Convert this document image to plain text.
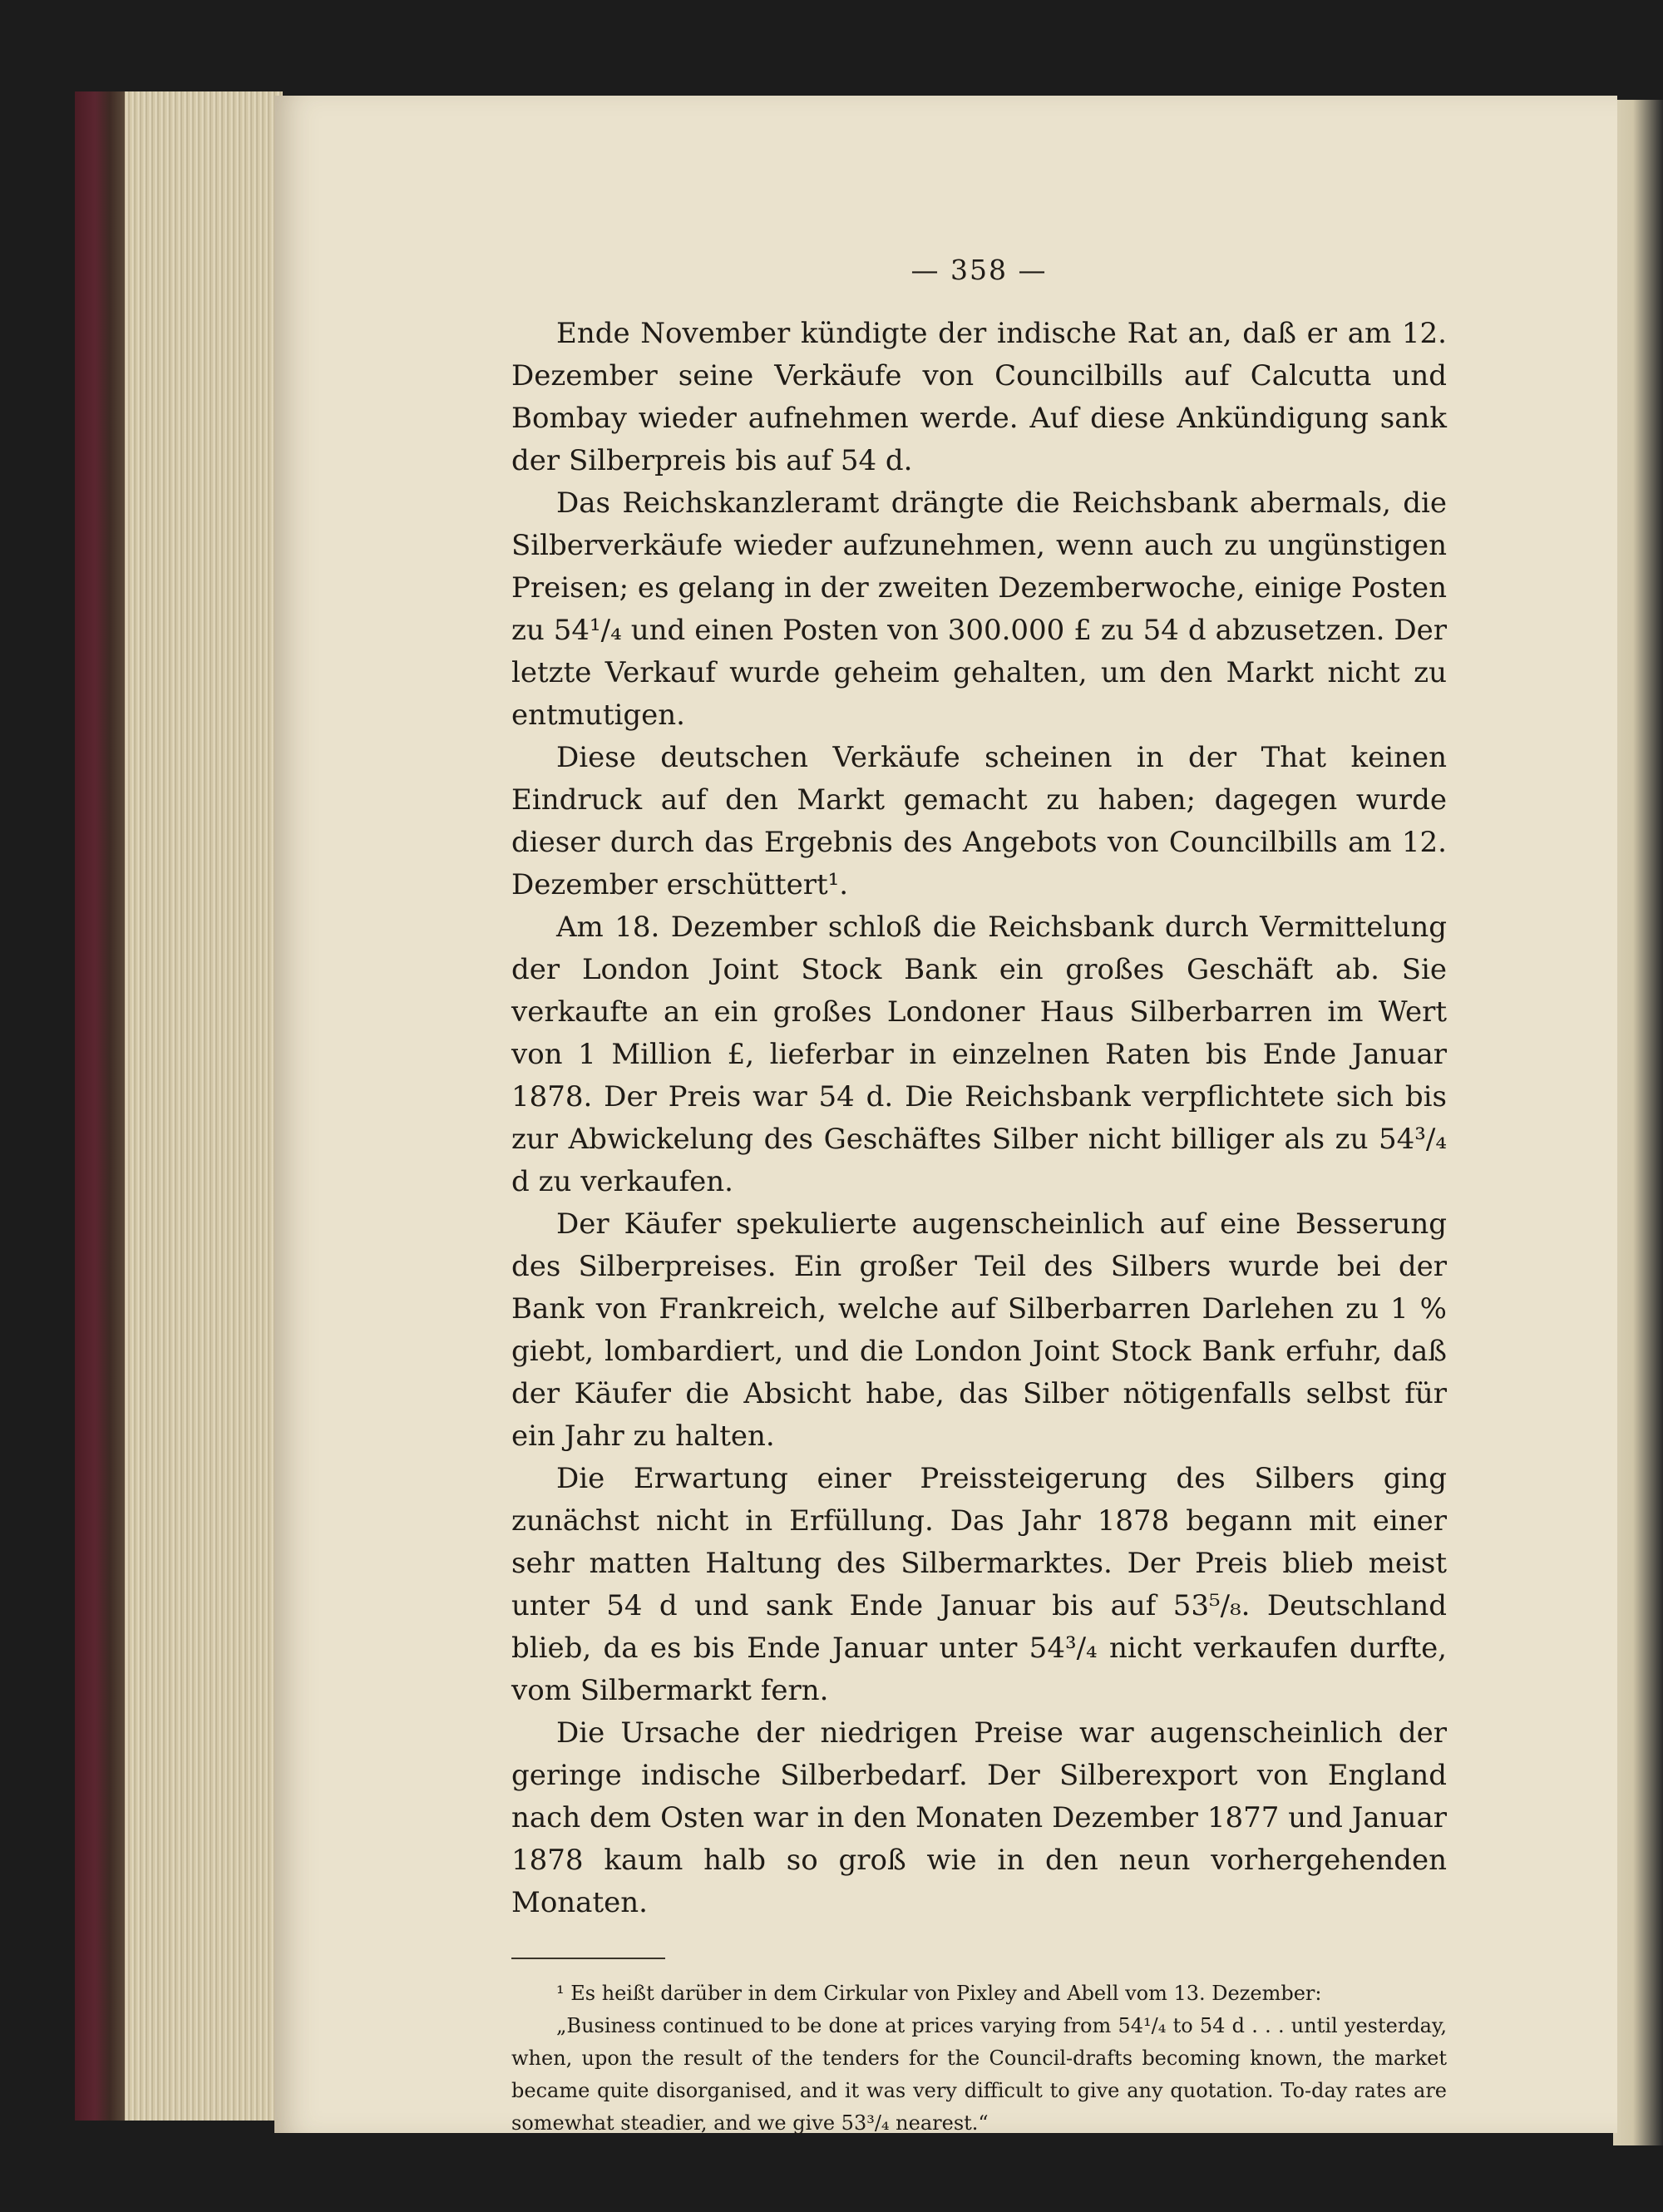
— 358 —

Ende November kündigte der indische Rat an, daß er am 12. Dezember seine Verkäufe von Councilbills auf Calcutta und Bombay wieder aufnehmen werde. Auf diese Ankündigung sank der Silberpreis bis auf 54 d.

Das Reichskanzleramt drängte die Reichsbank abermals, die Silberverkäufe wieder aufzunehmen, wenn auch zu ungünstigen Preisen; es gelang in der zweiten Dezemberwoche, einige Posten zu 54¹/₄ und einen Posten von 300.000 £ zu 54 d abzusetzen. Der letzte Verkauf wurde geheim gehalten, um den Markt nicht zu entmutigen.

Diese deutschen Verkäufe scheinen in der That keinen Eindruck auf den Markt gemacht zu haben; dagegen wurde dieser durch das Ergebnis des Angebots von Councilbills am 12. Dezember erschüttert¹.

Am 18. Dezember schloß die Reichsbank durch Vermittelung der London Joint Stock Bank ein großes Geschäft ab. Sie verkaufte an ein großes Londoner Haus Silberbarren im Wert von 1 Million £, lieferbar in einzelnen Raten bis Ende Januar 1878. Der Preis war 54 d. Die Reichsbank verpflichtete sich bis zur Abwickelung des Geschäftes Silber nicht billiger als zu 54³/₄ d zu verkaufen.

Der Käufer spekulierte augenscheinlich auf eine Besserung des Silberpreises. Ein großer Teil des Silbers wurde bei der Bank von Frankreich, welche auf Silberbarren Darlehen zu 1 % giebt, lombardiert, und die London Joint Stock Bank erfuhr, daß der Käufer die Absicht habe, das Silber nötigenfalls selbst für ein Jahr zu halten.

Die Erwartung einer Preissteigerung des Silbers ging zunächst nicht in Erfüllung. Das Jahr 1878 begann mit einer sehr matten Haltung des Silbermarktes. Der Preis blieb meist unter 54 d und sank Ende Januar bis auf 53⁵/₈. Deutschland blieb, da es bis Ende Januar unter 54³/₄ nicht verkaufen durfte, vom Silbermarkt fern.

Die Ursache der niedrigen Preise war augenscheinlich der geringe indische Silberbedarf. Der Silberexport von England nach dem Osten war in den Monaten Dezember 1877 und Januar 1878 kaum halb so groß wie in den neun vorhergehenden Monaten.

¹ Es heißt darüber in dem Cirkular von Pixley and Abell vom 13. Dezember:
„Business continued to be done at prices varying from 54¹/₄ to 54 d . . . until yesterday, when, upon the result of the tenders for the Council-drafts becoming known, the market became quite disorganised, and it was very difficult to give any quotation. To-day rates are somewhat steadier, and we give 53³/₄ nearest.“
